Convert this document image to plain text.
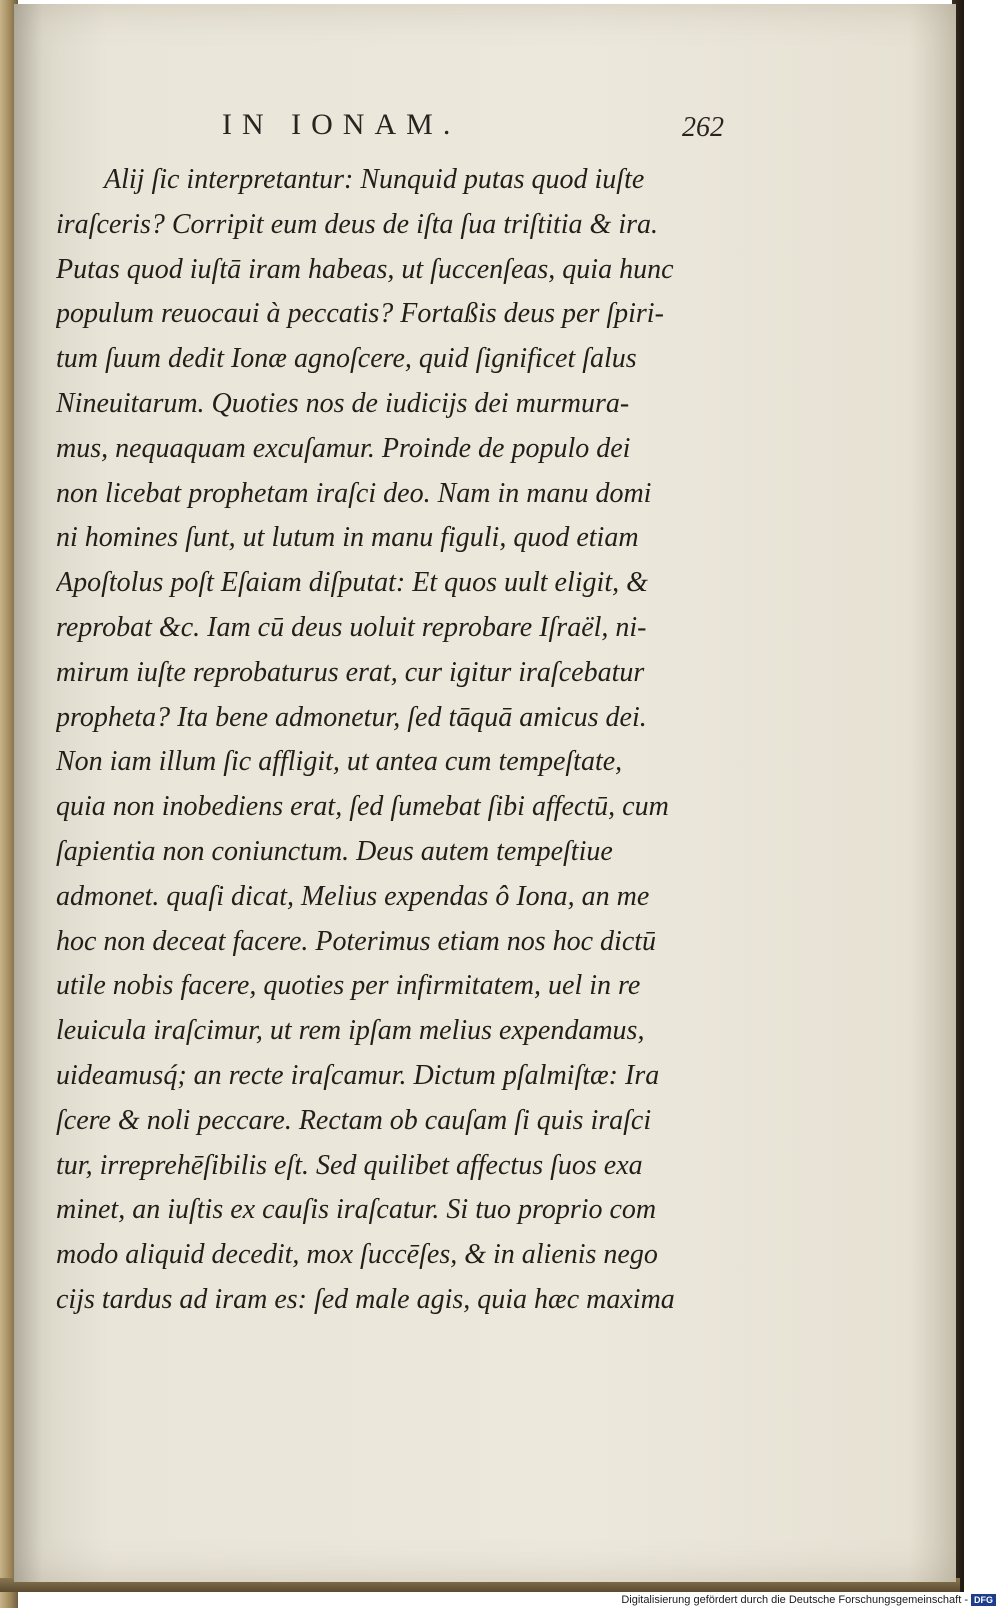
IN IONAM.	262
Alij ſic interpretantur: Nunquid putas quod iuſte
iraſceris? Corripit eum deus de iſta ſua triſtitia & ira.
Putas quod iuſtā iram habeas, ut ſuccenſeas, quia hunc
populum reuocaui à peccatis? Fortaßis deus per ſpiri-
tum ſuum dedit Ionæ agnoſcere, quid ſignificet ſalus
Nineuitarum. Quoties nos de iudicijs dei murmura-
mus, nequaquam excuſamur. Proinde de populo dei
non licebat prophetam iraſci deo. Nam in manu domi
ni homines ſunt, ut lutum in manu figuli, quod etiam
Apoſtolus poſt Eſaiam diſputat: Et quos uult eligit, &
reprobat &c. Iam cū deus uoluit reprobare Iſraël, ni-
mirum iuſte reprobaturus erat, cur igitur iraſcebatur
propheta? Ita bene admonetur, ſed tāquā amicus dei.
Non iam illum ſic affligit, ut antea cum tempeſtate,
quia non inobediens erat, ſed ſumebat ſibi affectū, cum
ſapientia non coniunctum. Deus autem tempeſtiue
admonet. quaſi dicat, Melius expendas ô Iona, an me
hoc non deceat facere. Poterimus etiam nos hoc dictū
utile nobis facere, quoties per infirmitatem, uel in re
leuicula iraſcimur, ut rem ipſam melius expendamus,
uideamusq́; an recte iraſcamur. Dictum pſalmiſtæ: Ira
ſcere & noli peccare. Rectam ob cauſam ſi quis iraſci
tur, irreprehēſibilis eſt. Sed quilibet affectus ſuos exa
minet, an iuſtis ex cauſis iraſcatur. Si tuo proprio com
modo aliquid decedit, mox ſuccēſes, & in alienis nego
cijs tardus ad iram es: ſed male agis, quia hæc maxima
Digitalisierung gefördert durch die Deutsche Forschungsgemeinschaft - DFG
